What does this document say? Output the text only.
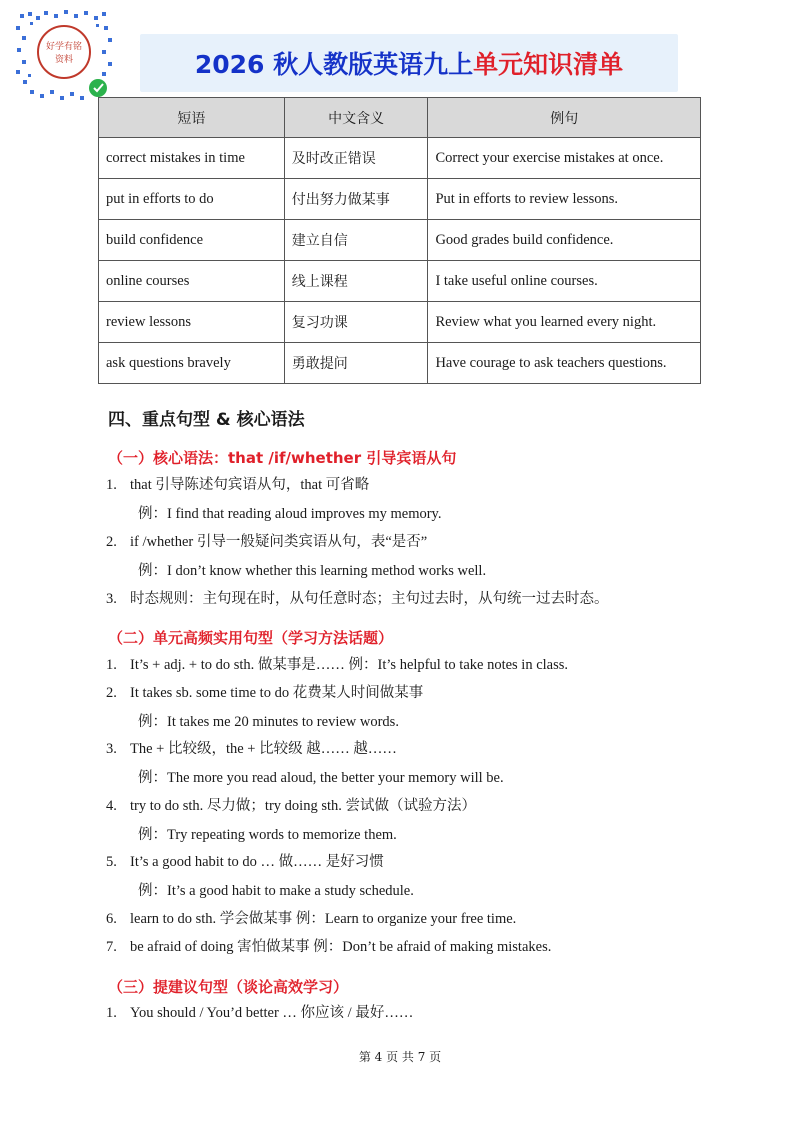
好学有铭
资料	2026 秋人教版 英语九上 单元知识清单
短语	中文含义	例句
correct mistakes in time	及时改正错误	Correct your exercise mistakes at once.
put in efforts to do	付出努力做某事	Put in efforts to review lessons.
build confidence	建立自信	Good grades build confidence.
online courses	线上课程	I take useful online courses.
review lessons	复习功课	Review what you learned every night.
ask questions bravely	勇敢提问	Have courage to ask teachers questions.
四、重点句型 & 核心语法
（一）核心语法：that /if/whether 引导宾语从句
1. that 引导陈述句宾语从句，that 可省略
例：I find that reading aloud improves my memory.
2. if /whether 引导一般疑问类宾语从句，表“是否”
例：I don’t know whether this learning method works well.
3. 时态规则：主句现在时，从句任意时态；主句过去时，从句统一过去时态。
（二）单元高频实用句型（学习方法话题）
1. It’s + adj. + to do sth. 做某事是…… 例：It’s helpful to take notes in class.
2. It takes sb. some time to do 花费某人时间做某事
例：It takes me 20 minutes to review words.
3. The + 比较级，the + 比较级 越…… 越……
例：The more you read aloud, the better your memory will be.
4. try to do sth. 尽力做；try doing sth. 尝试做（试验方法）
例：Try repeating words to memorize them.
5. It’s a good habit to do … 做…… 是好习惯
例：It’s a good habit to make a study schedule.
6. learn to do sth. 学会做某事 例：Learn to organize your free time.
7. be afraid of doing 害怕做某事 例：Don’t be afraid of making mistakes.
（三）提建议句型（谈论高效学习）
1. You should / You’d better … 你应该 / 最好……
第 4 页 共 7 页
